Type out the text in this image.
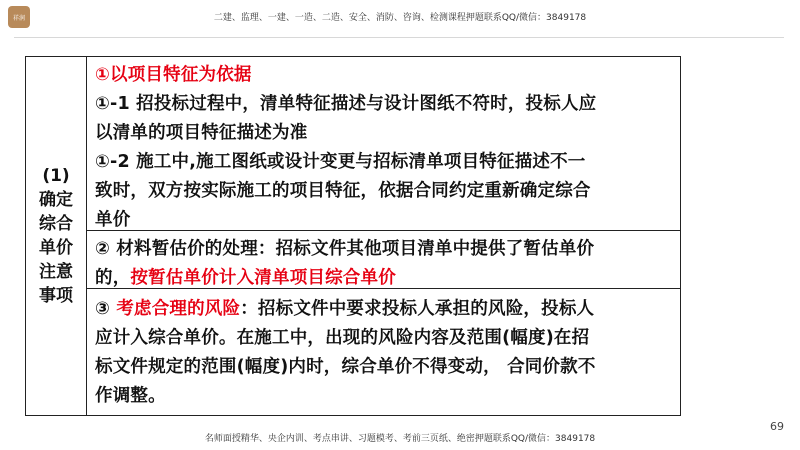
祥润	二建、监理、一建、一造、二造、安全、消防、咨询、检测课程押题联系QQ/微信：3849178
(1)
确定
综合
单价
注意
事项
①以项目特征为依据
①-1 招投标过程中，清单特征描述与设计图纸不符时，投标人应
以清单的项目特征描述为准
①-2 施工中,施工图纸或设计变更与招标清单项目特征描述不一
致时，双方按实际施工的项目特征，依据合同约定重新确定综合
单价
② 材料暂估价的处理：招标文件其他项目清单中提供了暂估单价
的，按暂估单价计入清单项目综合单价
③ 考虑合理的风险：招标文件中要求投标人承担的风险，投标人
应计入综合单价。在施工中，出现的风险内容及范围(幅度)在招
标文件规定的范围(幅度)内时，综合单价不得变动， 合同价款不
作调整。
69
名师面授精华、央企内训、考点串讲、习题模考、考前三页纸、绝密押题联系QQ/微信：3849178
